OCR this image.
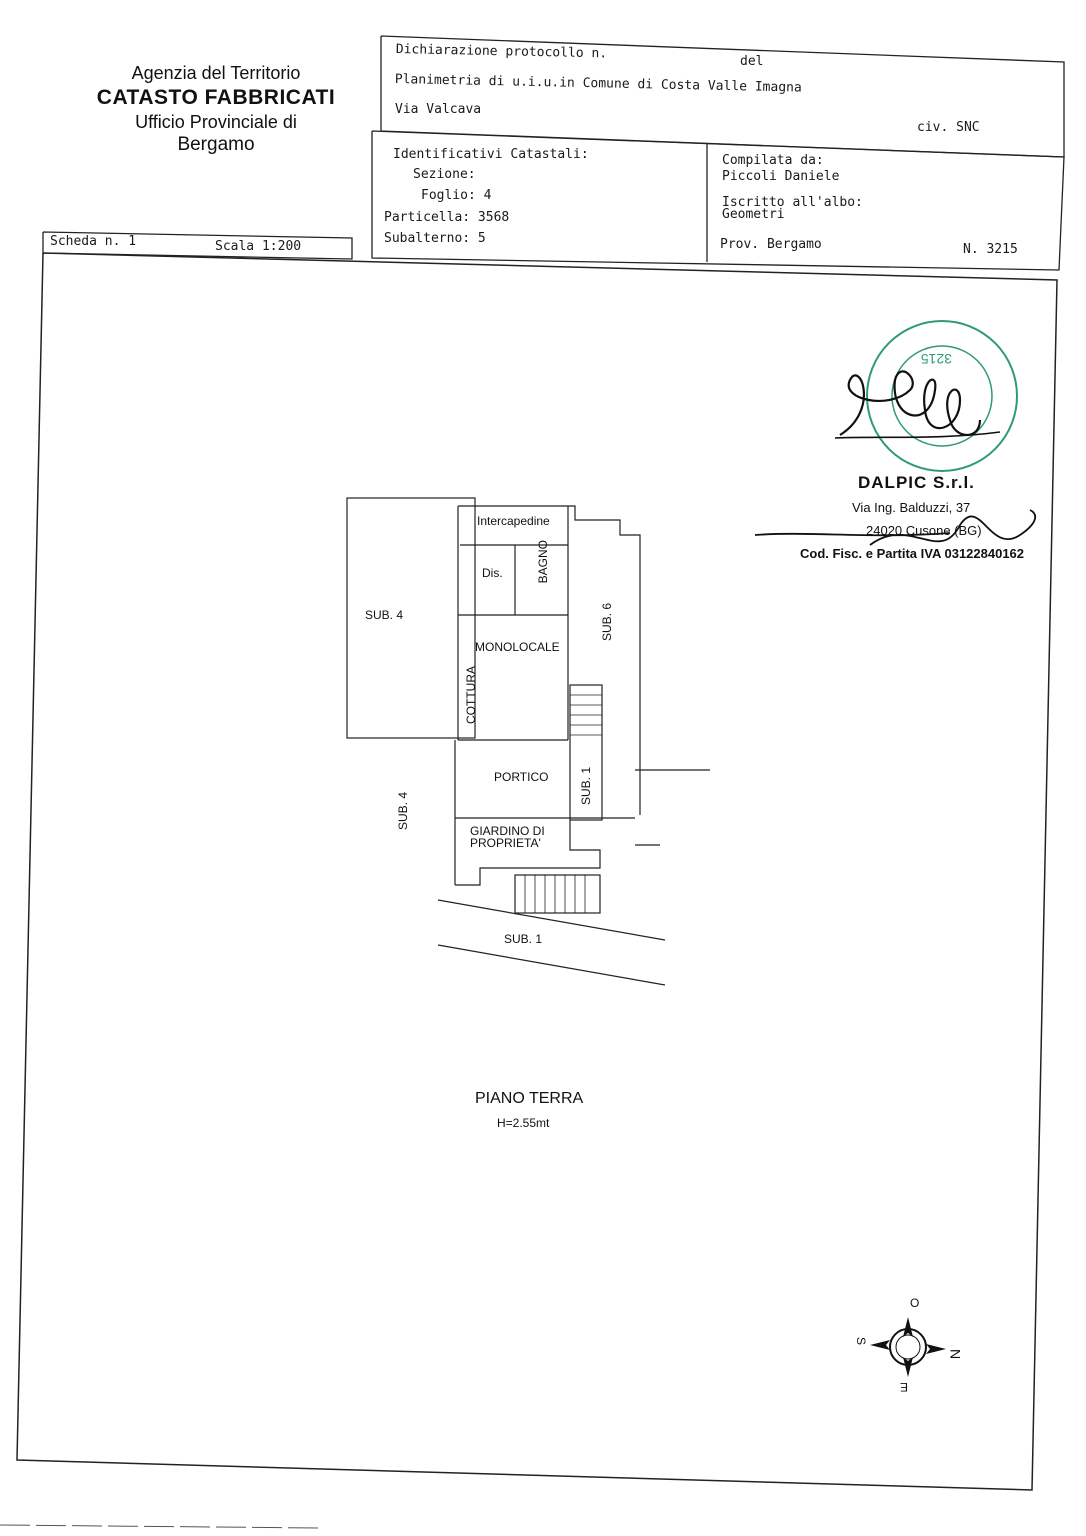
Agenzia del Territorio
CATASTO FABBRICATI
Ufficio Provinciale di
Bergamo
Dichiarazione protocollo n.
del
Planimetria di u.i.u.in Comune di Costa Valle Imagna
Via Valcava
civ. SNC
Identificativi Catastali:
Sezione:
Foglio: 4
Particella: 3568
Subalterno: 5
Compilata da:
Piccoli Daniele
Iscritto all'albo:
Geometri
Prov. Bergamo	N. 3215
Scheda n. 1	Scala 1:200
3215
DALPIC S.r.l.
Via Ing. Balduzzi, 37
24020 Cusone (BG)
Cod. Fisc. e Partita IVA 03122840162
Intercapedine
Dis.	BAGNO
SUB. 4	SUB. 6
MONOLOCALE
COTTURA
PORTICO	SUB. 1
SUB. 4
GIARDINO DI
PROPRIETA'
SUB. 1
PIANO TERRA
H=2.55mt
O
S
N
E
